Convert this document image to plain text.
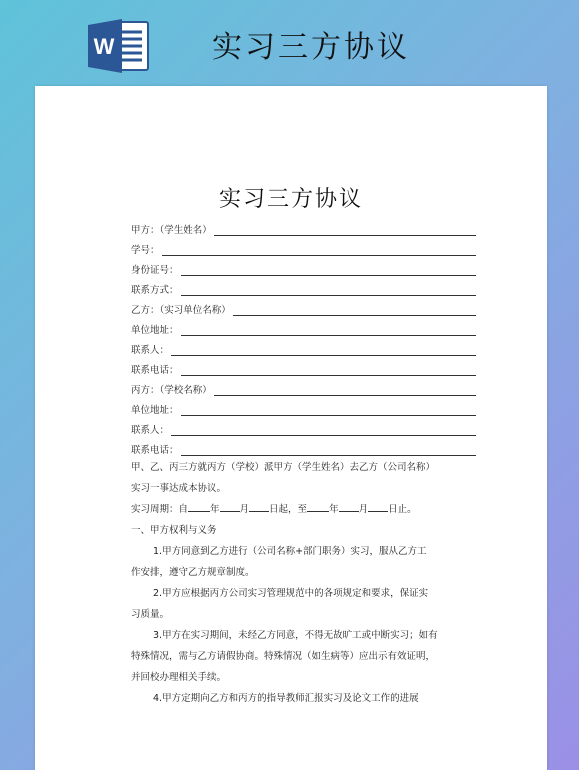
W	实习三方协议
实习三方协议
甲方：（学生姓名）
学号：
身份证号：
联系方式：
乙方：（实习单位名称）
单位地址：
联系人：
联系电话：
丙方：（学校名称）
单位地址：
联系人：
联系电话：
甲、乙、丙三方就丙方（学校）派甲方（学生姓名）去乙方（公司名称）
实习一事达成本协议。
实习周期：自 年 月 日起，至 年 月 日止。
一、甲方权利与义务
1.甲方同意到乙方进行（公司名称+部门职务）实习，服从乙方工
作安排，遵守乙方规章制度。
2.甲方应根据丙方公司实习管理规范中的各项规定和要求，保证实
习质量。
3.甲方在实习期间，未经乙方同意，不得无故旷工或中断实习；如有
特殊情况，需与乙方请假协商。特殊情况（如生病等）应出示有效证明，
并回校办理相关手续。
4.甲方定期向乙方和丙方的指导教师汇报实习及论文工作的进展
